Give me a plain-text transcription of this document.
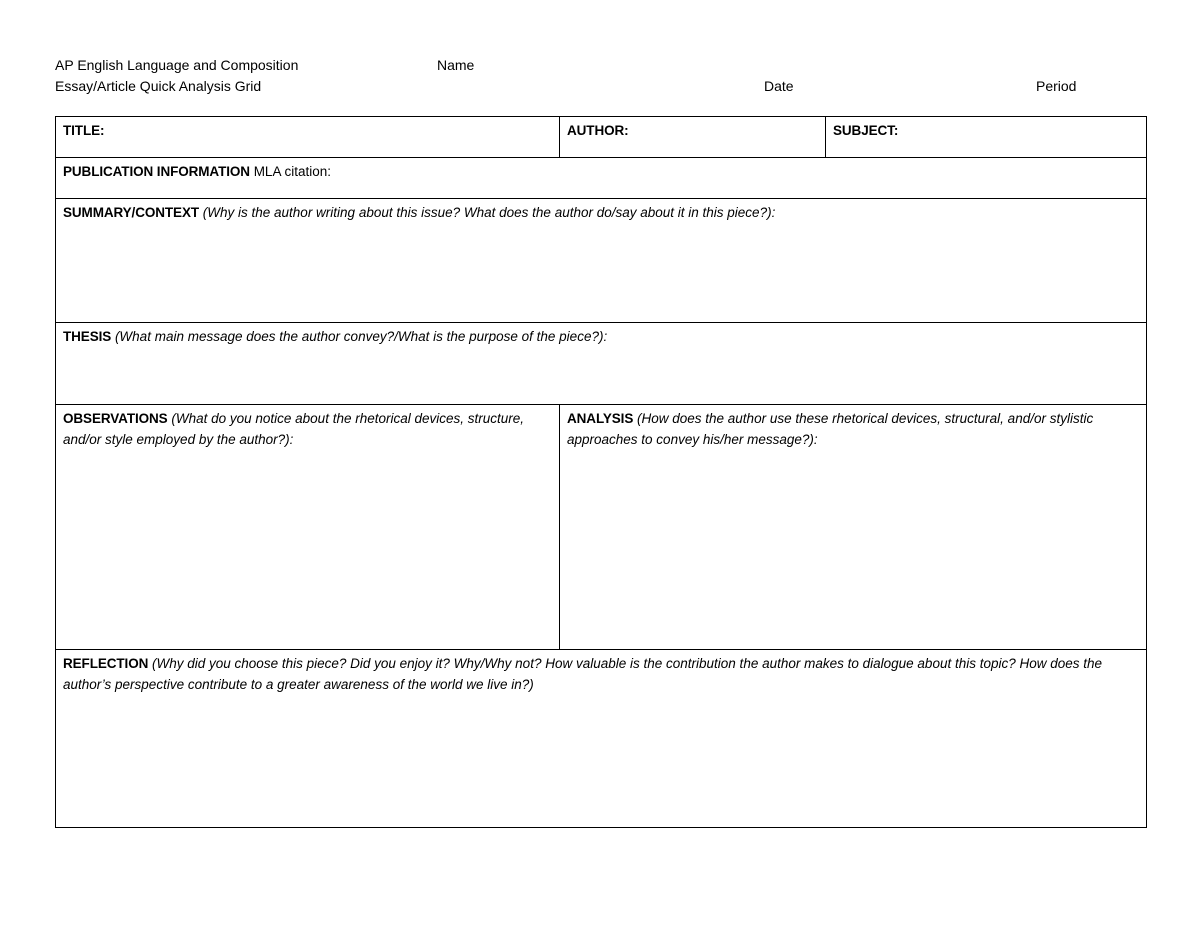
AP English Language and Composition	Name
Essay/Article Quick Analysis Grid	Date	Period
TITLE:	AUTHOR:	SUBJECT:
PUBLICATION INFORMATION MLA citation:		
SUMMARY/CONTEXT (Why is the author writing about this issue? What does the author do/say about it in this piece?):		
THESIS (What main message does the author convey?/What is the purpose of the piece?):		
OBSERVATIONS (What do you notice about the rhetorical devices, structure, and/or style employed by the author?):	ANALYSIS (How does the author use these rhetorical devices, structural, and/or stylistic approaches to convey his/her message?):	
REFLECTION (Why did you choose this piece? Did you enjoy it? Why/Why not? How valuable is the contribution the author makes to dialogue about this topic? How does the author’s perspective contribute to a greater awareness of the world we live in?)		
